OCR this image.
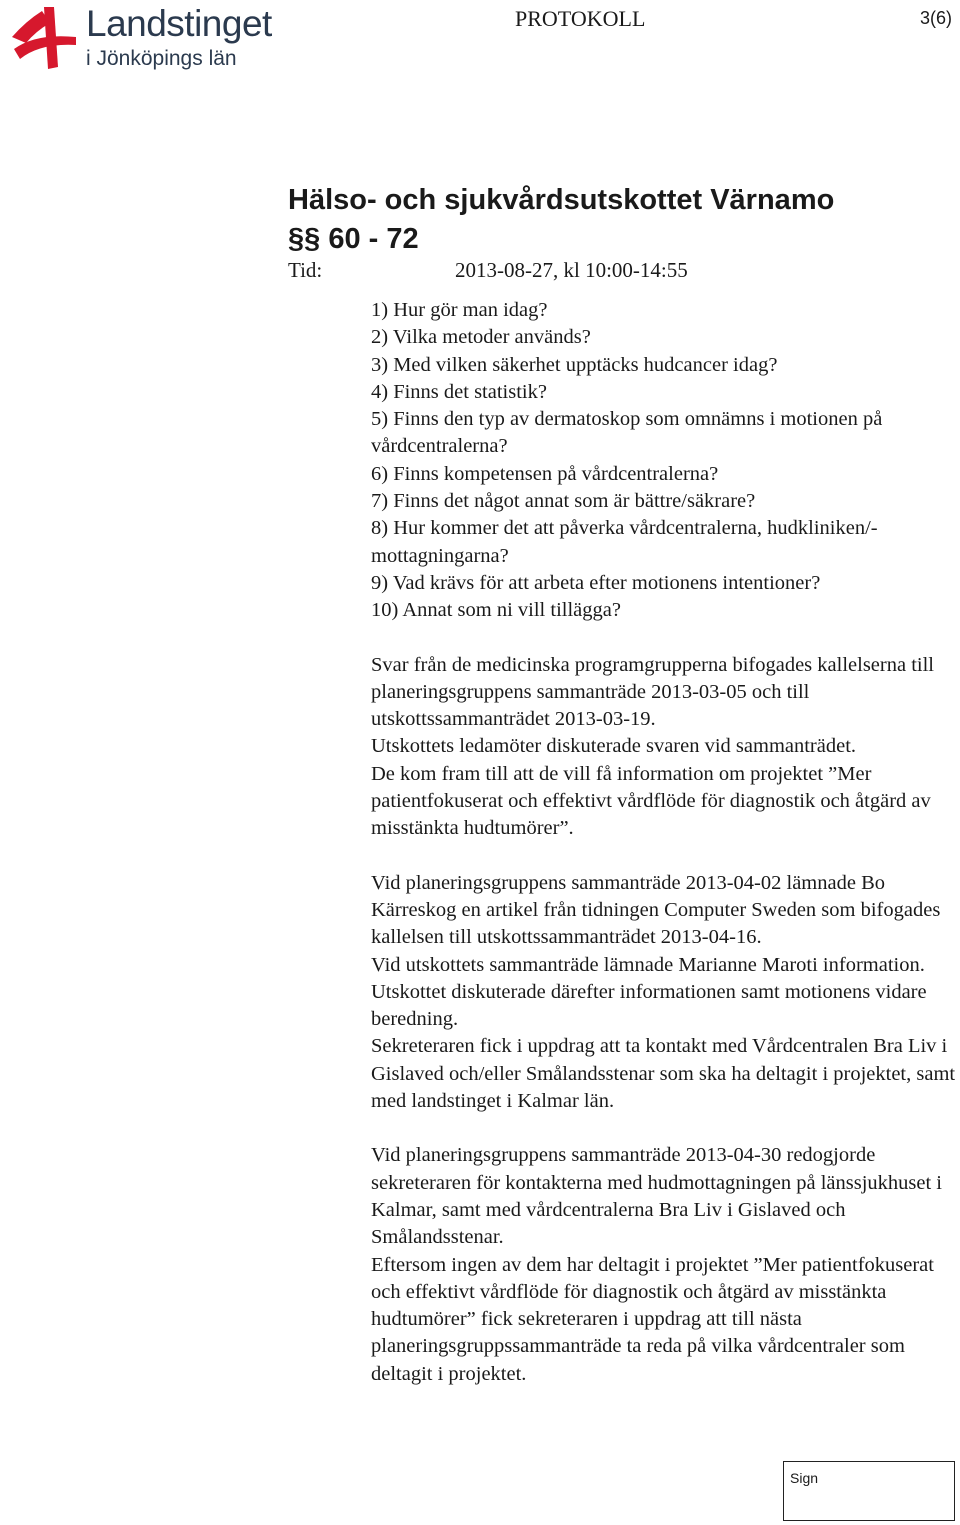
Landstinget
i Jönköpings län
PROTOKOLL	3(6)
Hälso- och sjukvårdsutskottet Värnamo
§§ 60 - 72
Tid:	2013-08-27, kl 10:00-14:55
1) Hur gör man idag?
2) Vilka metoder används?
3) Med vilken säkerhet upptäcks hudcancer idag?
4) Finns det statistik?
5) Finns den typ av dermatoskop som omnämns i motionen på vårdcentralerna?
6) Finns kompetensen på vårdcentralerna?
7) Finns det något annat som är bättre/säkrare?
8) Hur kommer det att påverka vårdcentralerna, hudkliniken/-mottagningarna?
9) Vad krävs för att arbeta efter motionens intentioner?
10) Annat som ni vill tillägga?

Svar från de medicinska programgrupperna bifogades kallelserna till planeringsgruppens sammanträde 2013-03-05 och till utskottssammanträdet 2013-03-19.

Utskottets ledamöter diskuterade svaren vid sammanträdet.

De kom fram till att de vill få information om projektet ”Mer patientfokuserat och effektivt vårdflöde för diagnostik och åtgärd av misstänkta hudtumörer”.

Vid planeringsgruppens sammanträde 2013-04-02 lämnade Bo Kärreskog en artikel från tidningen Computer Sweden som bifogades kallelsen till utskottssammanträdet 2013-04-16.

Vid utskottets sammanträde lämnade Marianne Maroti information. Utskottet diskuterade därefter informationen samt motionens vidare beredning.

Sekreteraren fick i uppdrag att ta kontakt med Vårdcentralen Bra Liv i Gislaved och/eller Smålandsstenar som ska ha deltagit i projektet, samt med landstinget i Kalmar län.

Vid planeringsgruppens sammanträde 2013-04-30 redogjorde sekreteraren för kontakterna med hudmottagningen på länssjukhuset i Kalmar, samt med vårdcentralerna Bra Liv i Gislaved och Smålandsstenar.

Eftersom ingen av dem har deltagit i projektet ”Mer patientfokuserat och effektivt vårdflöde för diagnostik och åtgärd av misstänkta hudtumörer” fick sekreteraren i uppdrag att till nästa planeringsgruppssammanträde ta reda på vilka vårdcentraler som deltagit i projektet.

Sign
